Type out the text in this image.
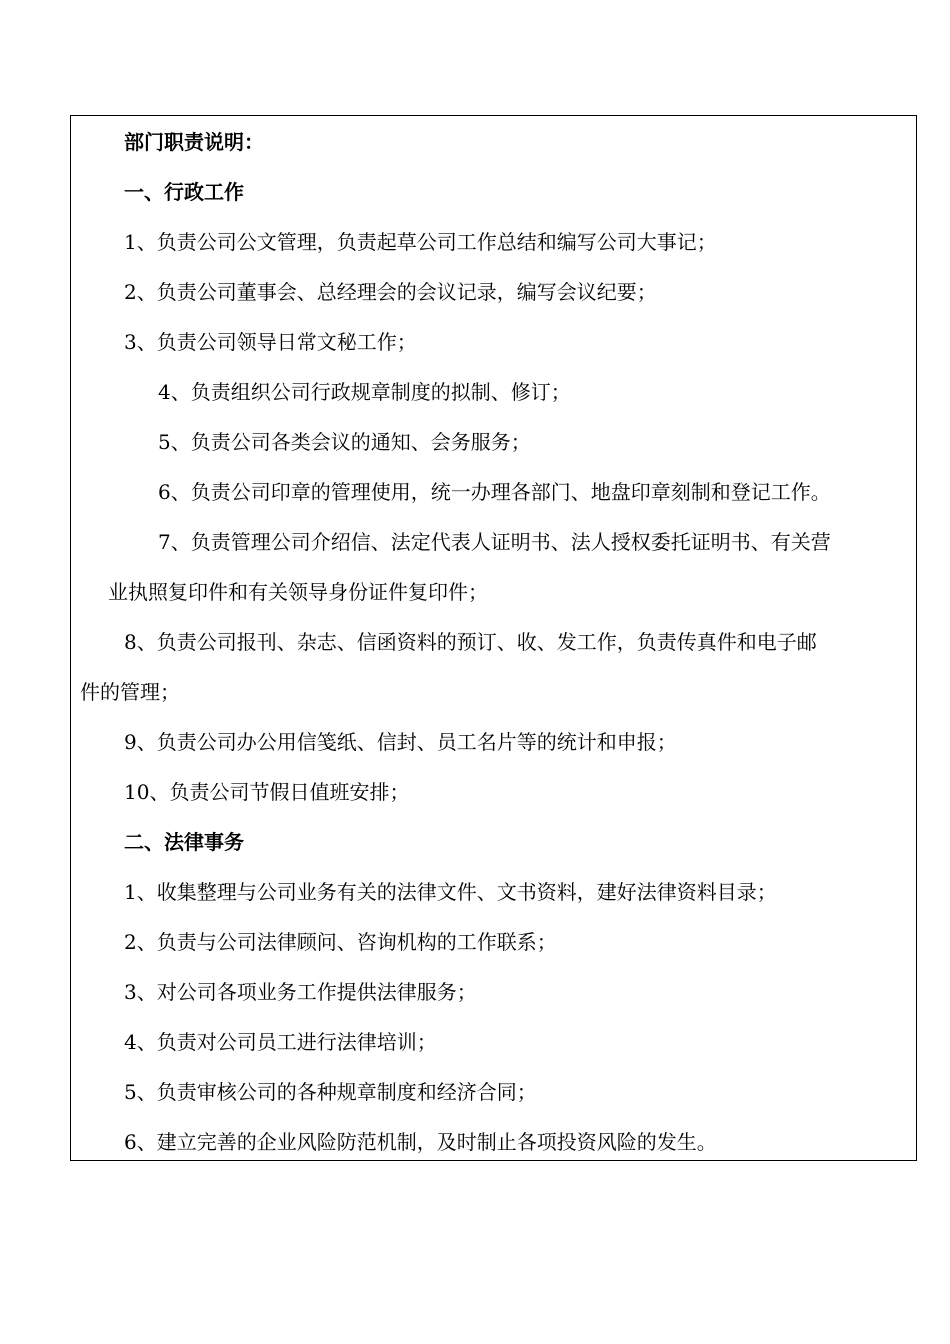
部门职责说明：
一、行政工作
1、负责公司公文管理，负责起草公司工作总结和编写公司大事记；
2、负责公司董事会、总经理会的会议记录，编写会议纪要；
3、负责公司领导日常文秘工作；
4、负责组织公司行政规章制度的拟制、修订；
5、负责公司各类会议的通知、会务服务；
6、负责公司印章的管理使用，统一办理各部门、地盘印章刻制和登记工作。
7、负责管理公司介绍信、法定代表人证明书、法人授权委托证明书、有关营
业执照复印件和有关领导身份证件复印件；
8、负责公司报刊、杂志、信函资料的预订、收、发工作，负责传真件和电子邮
件的管理；
9、负责公司办公用信笺纸、信封、员工名片等的统计和申报；
10、负责公司节假日值班安排；
二、法律事务
1、收集整理与公司业务有关的法律文件、文书资料，建好法律资料目录；
2、负责与公司法律顾问、咨询机构的工作联系；
3、对公司各项业务工作提供法律服务；
4、负责对公司员工进行法律培训；
5、负责审核公司的各种规章制度和经济合同；
6、建立完善的企业风险防范机制，及时制止各项投资风险的发生。
